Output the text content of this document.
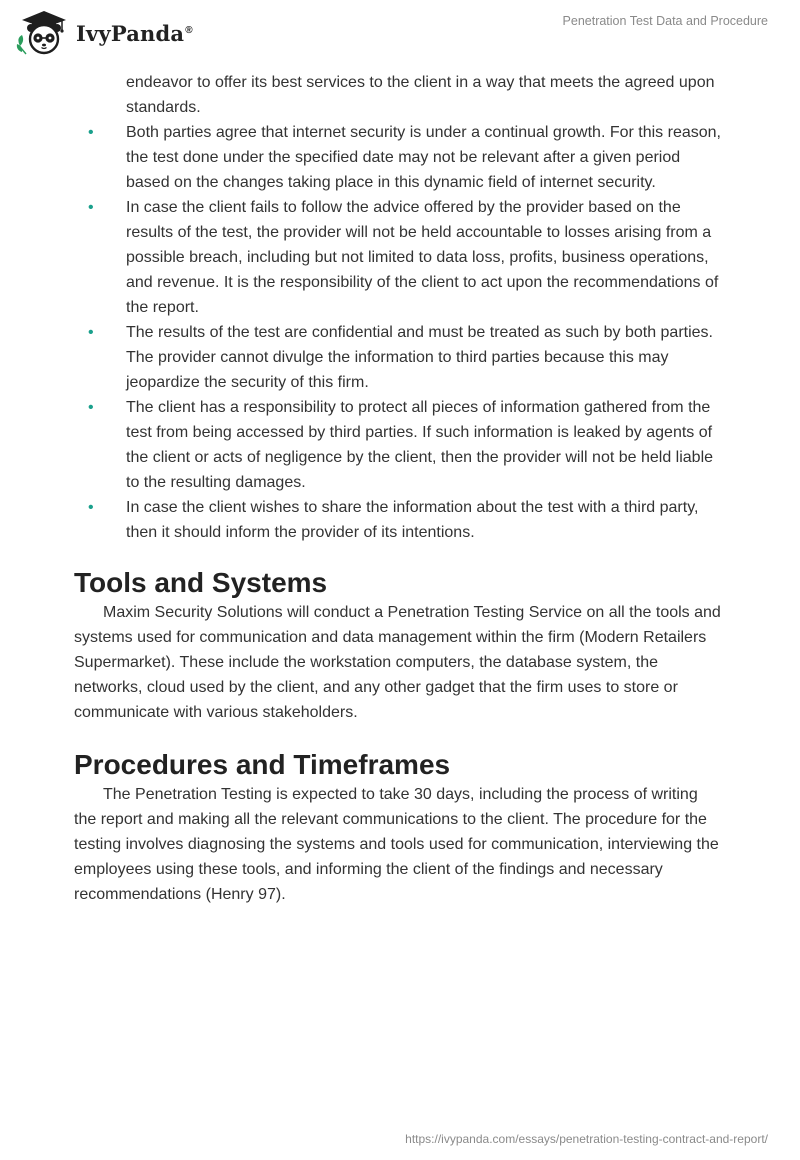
IvyPanda®
Penetration Test Data and Procedure
endeavor to offer its best services to the client in a way that meets the agreed upon standards.
• Both parties agree that internet security is under a continual growth. For this reason, the test done under the specified date may not be relevant after a given period based on the changes taking place in this dynamic field of internet security.
• In case the client fails to follow the advice offered by the provider based on the results of the test, the provider will not be held accountable to losses arising from a possible breach, including but not limited to data loss, profits, business operations, and revenue. It is the responsibility of the client to act upon the recommendations of the report.
• The results of the test are confidential and must be treated as such by both parties. The provider cannot divulge the information to third parties because this may jeopardize the security of this firm.
• The client has a responsibility to protect all pieces of information gathered from the test from being accessed by third parties. If such information is leaked by agents of the client or acts of negligence by the client, then the provider will not be held liable to the resulting damages.
• In case the client wishes to share the information about the test with a third party, then it should inform the provider of its intentions.
Tools and Systems

Maxim Security Solutions will conduct a Penetration Testing Service on all the tools and systems used for communication and data management within the firm (Modern Retailers Supermarket). These include the workstation computers, the database system, the networks, cloud used by the client, and any other gadget that the firm uses to store or communicate with various stakeholders.

Procedures and Timeframes

The Penetration Testing is expected to take 30 days, including the process of writing the report and making all the relevant communications to the client. The procedure for the testing involves diagnosing the systems and tools used for communication, interviewing the employees using these tools, and informing the client of the findings and necessary recommendations (Henry 97).

https://ivypanda.com/essays/penetration-testing-contract-and-report/
